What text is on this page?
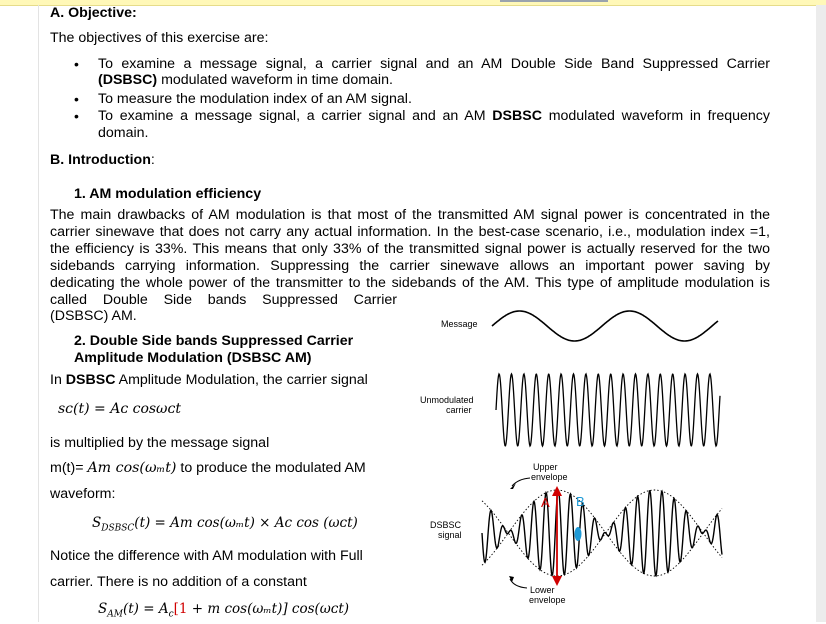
A. Objective:
The objectives of this exercise are:
• To examine a message signal, a carrier signal and an AM Double Side Band Suppressed Carrier
(DSBSC) modulated waveform in time domain.
• To measure the modulation index of an AM signal.
• To examine a message signal, a carrier signal and an AM DSBSC modulated waveform in frequency
domain.
B. Introduction:
1. AM modulation efficiency
The main drawbacks of AM modulation is that most of the transmitted AM signal power is concentrated in the
carrier sinewave that does not carry any actual information. In the best-case scenario, i.e., modulation index =1,
the efficiency is 33%. This means that only 33% of the transmitted signal power is actually reserved for the two
sidebands carrying information. Suppressing the carrier sinewave allows an important power saving by
dedicating the whole power of the transmitter to the sidebands of the AM. This type of amplitude modulation is
called Double Side bands Suppressed Carrier
(DSBSC) AM.
2. Double Side bands Suppressed Carrier
Amplitude Modulation (DSBSC AM)
In DSBSC Amplitude Modulation, the carrier signal
sᴄ(t) = Aᴄ cosωᴄt
is multiplied by the message signal
m(t)= Am cos(ωₘt) to produce the modulated AM
waveform:
$S_{DSBSC}(t) = Am$ cos(ωₘt) × Ac cos (ωᴄt)
Notice the difference with AM modulation with Full
carrier. There is no addition of a constant
$S_{AM}(t) = A_c[1 + m$ cos(ωₘt)] cos(ωᴄt)
Message
Unmodulated
carrier
Upper
envelope
DSBSC
signal
Lower
envelope
A B
